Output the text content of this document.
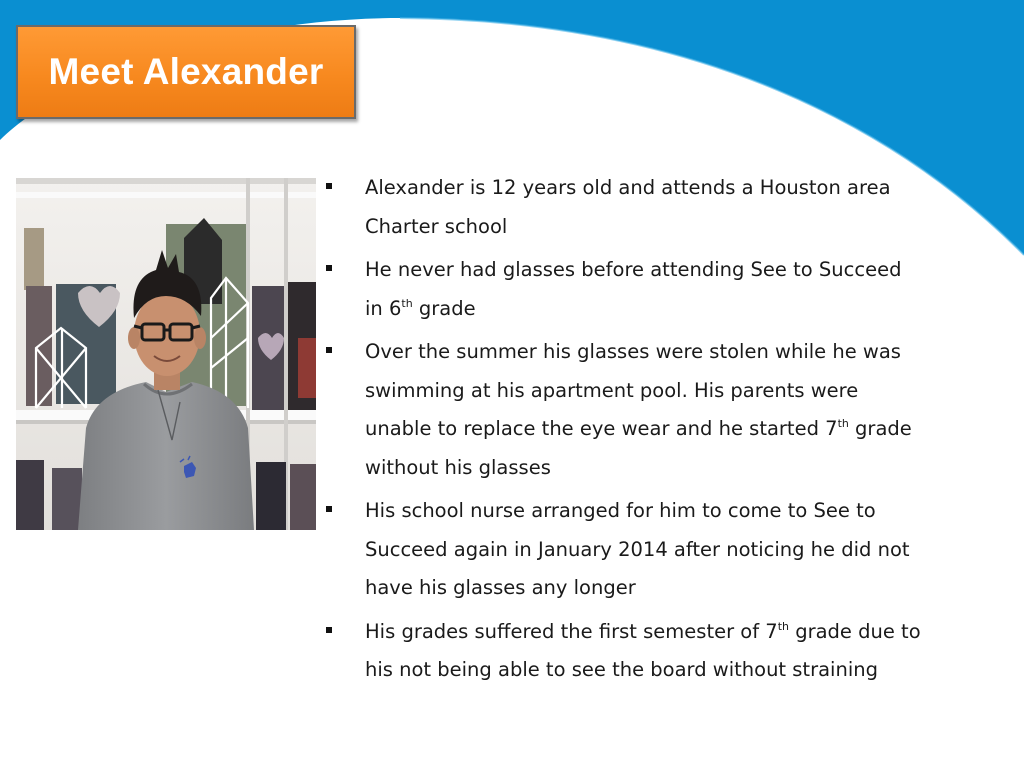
Meet Alexander
Alexander is 12 years old and attends a Houston area Charter school
He never had glasses before attending See to Succeed in 6th grade
Over the summer his glasses were stolen while he was swimming at his apartment pool. His parents were unable to replace the eye wear and he started 7th grade without his glasses
His school nurse arranged for him to come to See to Succeed again in January 2014 after noticing he did not have his glasses any longer
His grades suffered the first semester of 7th grade due to his not being able to see the board without straining
